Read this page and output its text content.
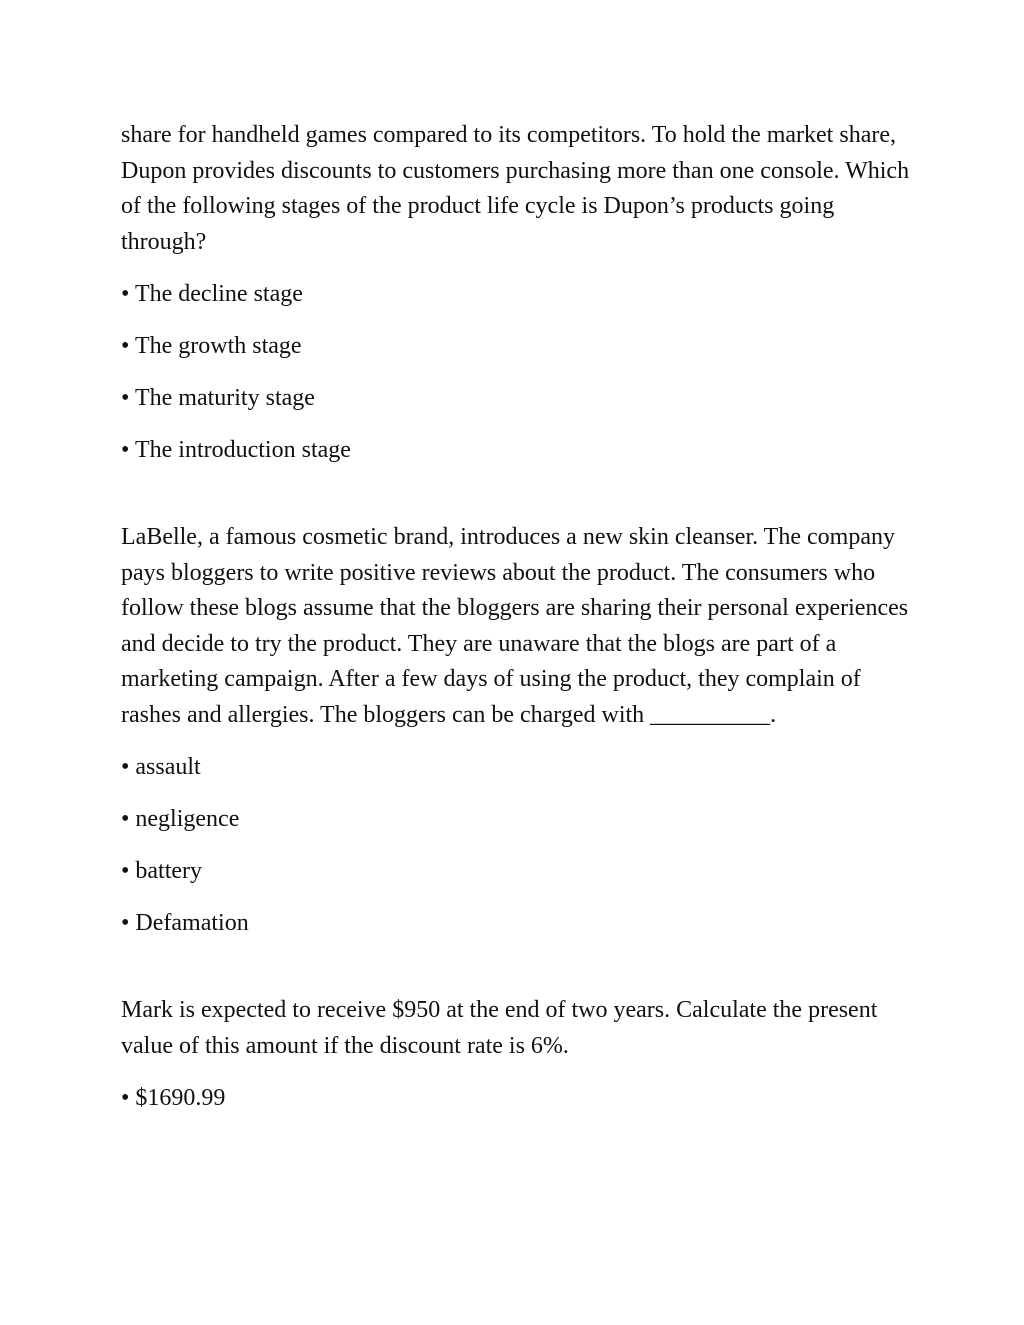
share for handheld games compared to its competitors. To hold the market share, Dupon provides discounts to customers purchasing more than one console. Which of the following stages of the product life cycle is Dupon’s products going through?

• The decline stage
• The growth stage
• The maturity stage
• The introduction stage

LaBelle, a famous cosmetic brand, introduces a new skin cleanser. The company pays bloggers to write positive reviews about the product. The consumers who follow these blogs assume that the bloggers are sharing their personal experiences and decide to try the product. They are unaware that the blogs are part of a marketing campaign. After a few days of using the product, they complain of rashes and allergies. The bloggers can be charged with __________.

• assault
• negligence
• battery
• Defamation

Mark is expected to receive $950 at the end of two years. Calculate the present value of this amount if the discount rate is 6%.

• $1690.99
